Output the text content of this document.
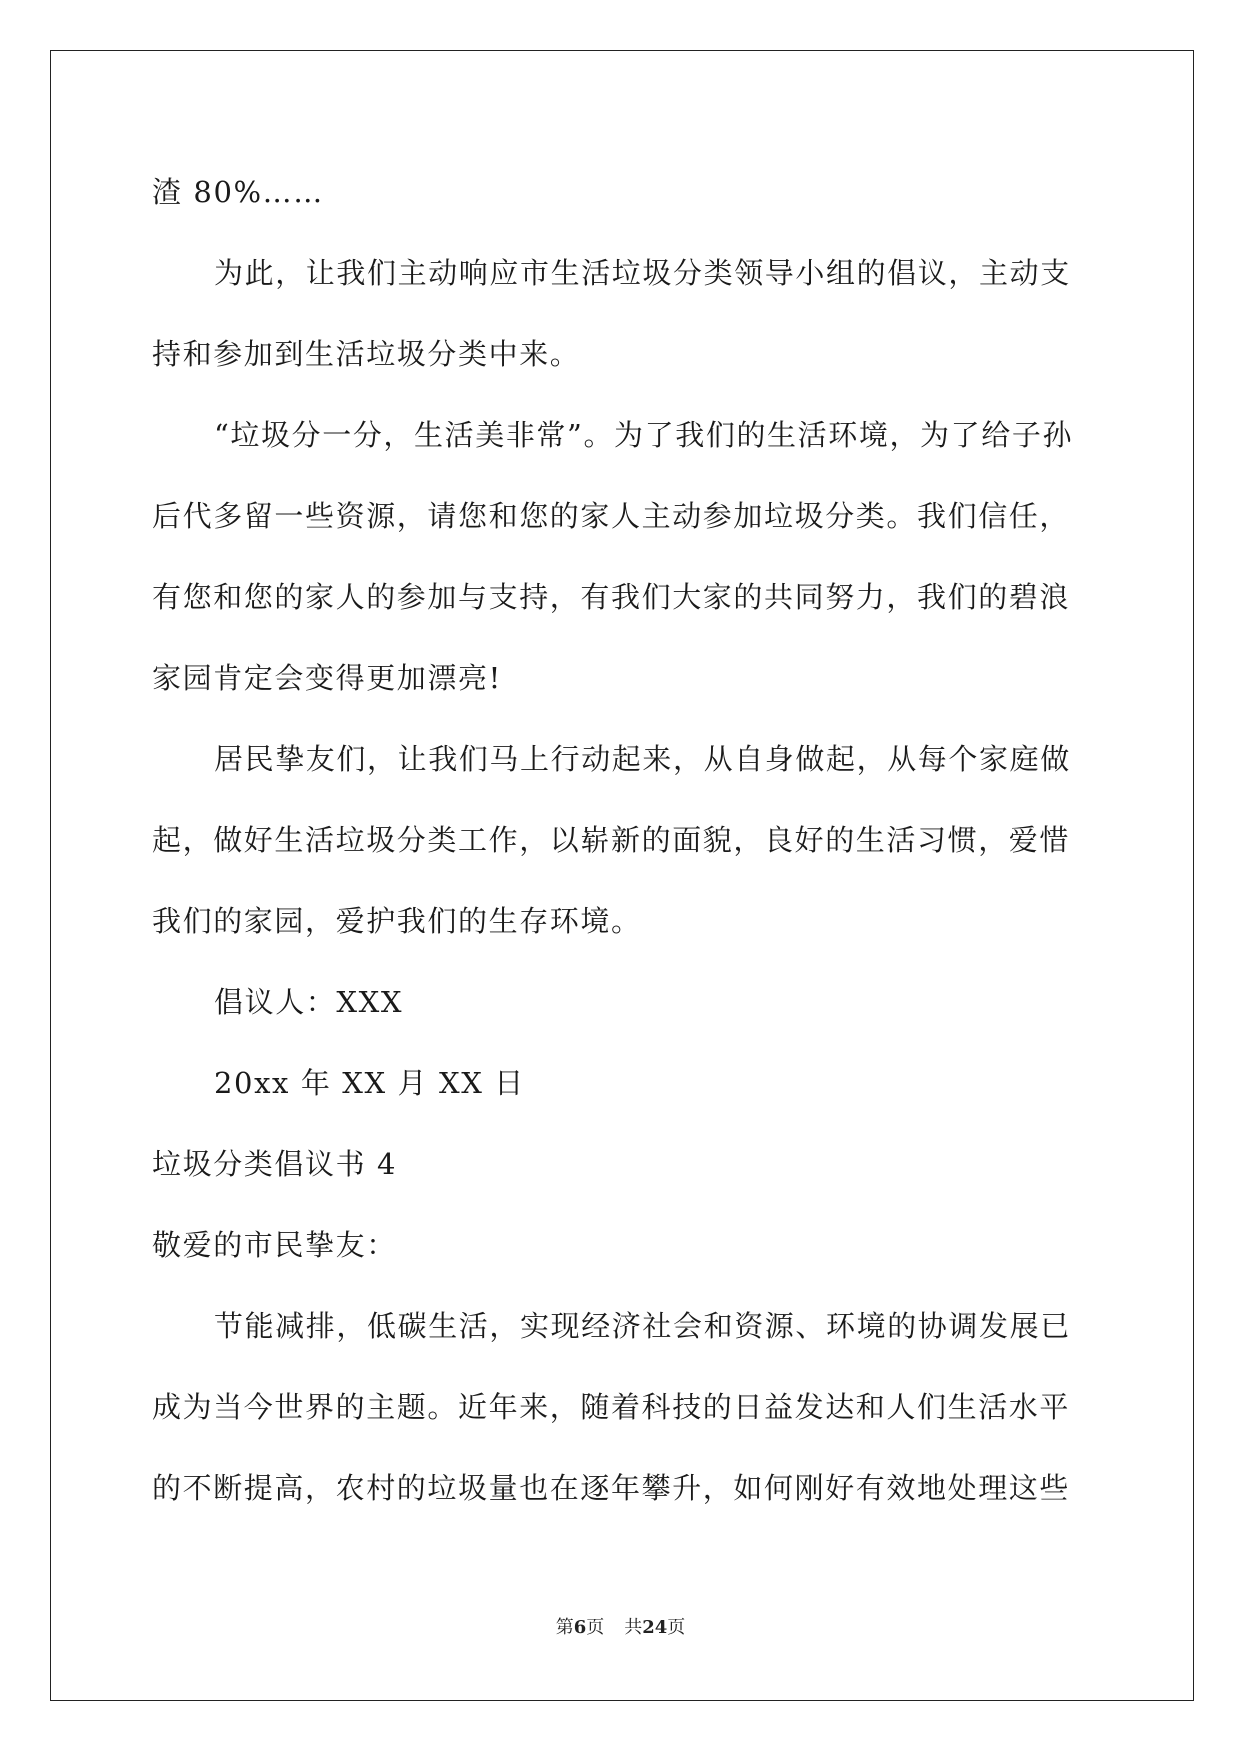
渣 80%……
为此，让我们主动响应市生活垃圾分类领导小组的倡议，主动支
持和参加到生活垃圾分类中来。
“垃圾分一分，生活美非常”。为了我们的生活环境，为了给子孙
后代多留一些资源，请您和您的家人主动参加垃圾分类。我们信任，
有您和您的家人的参加与支持，有我们大家的共同努力，我们的碧浪
家园肯定会变得更加漂亮!
居民挚友们，让我们马上行动起来，从自身做起，从每个家庭做
起，做好生活垃圾分类工作，以崭新的面貌，良好的生活习惯，爱惜
我们的家园，爱护我们的生存环境。
倡议人：XXX
20xx 年 XX 月 XX 日
垃圾分类倡议书 4
敬爱的市民挚友：
节能减排，低碳生活，实现经济社会和资源、环境的协调发展已
成为当今世界的主题。近年来，随着科技的日益发达和人们生活水平
的不断提高，农村的垃圾量也在逐年攀升，如何刚好有效地处理这些
第6页 共24页
